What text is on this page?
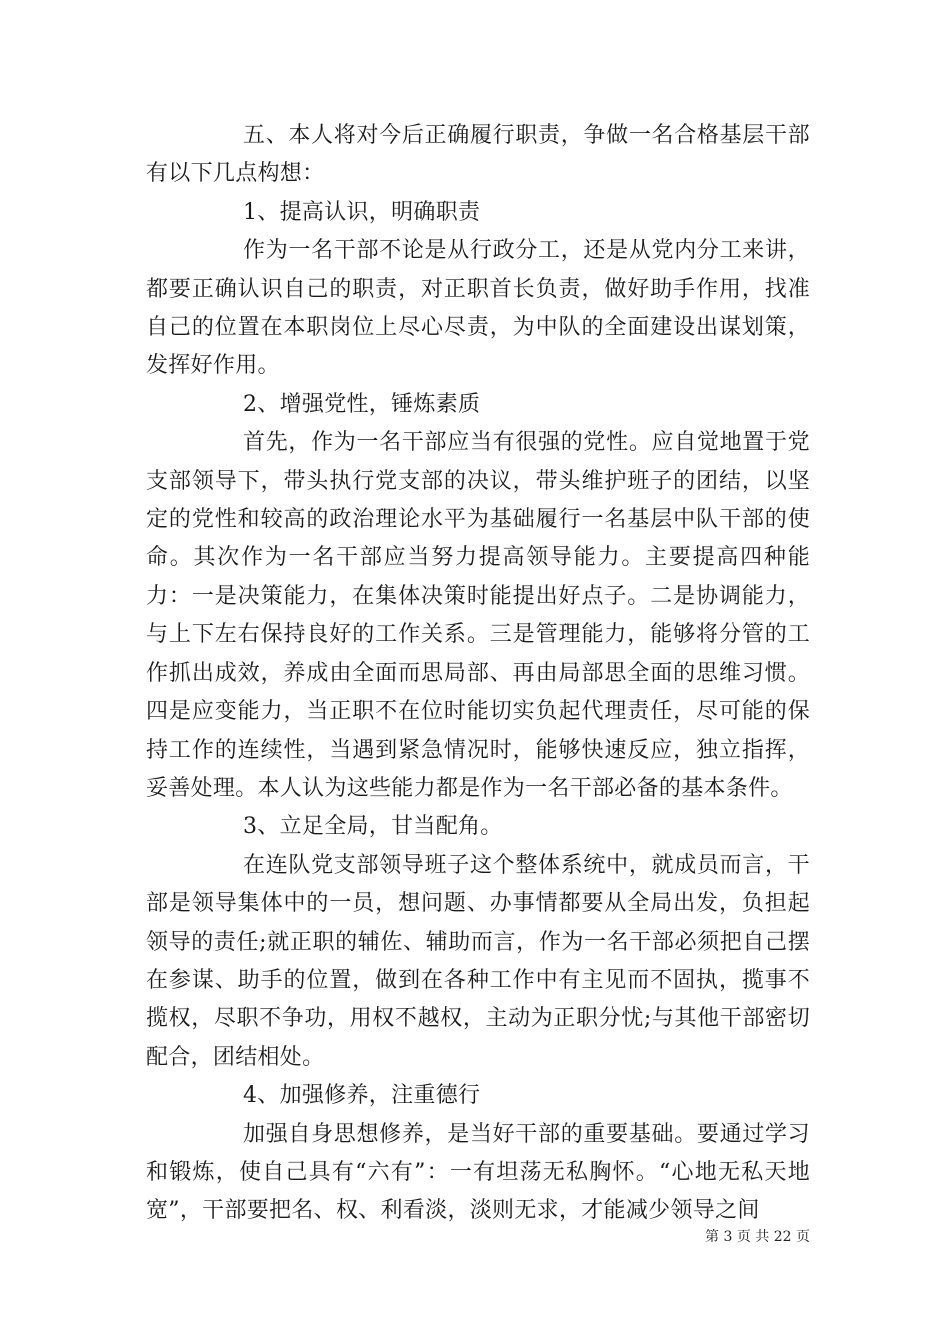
五、本人将对今后正确履行职责，争做一名合格基层干部有以下几点构想：

1、提高认识，明确职责

作为一名干部不论是从行政分工，还是从党内分工来讲，都要正确认识自己的职责，对正职首长负责，做好助手作用，找准自己的位置在本职岗位上尽心尽责，为中队的全面建设出谋划策，发挥好作用。

2、增强党性，锤炼素质

首先，作为一名干部应当有很强的党性。应自觉地置于党支部领导下，带头执行党支部的决议，带头维护班子的团结，以坚定的党性和较高的政治理论水平为基础履行一名基层中队干部的使命。其次作为一名干部应当努力提高领导能力。主要提高四种能力：一是决策能力，在集体决策时能提出好点子。二是协调能力，与上下左右保持良好的工作关系。三是管理能力，能够将分管的工作抓出成效，养成由全面而思局部、再由局部思全面的思维习惯。四是应变能力，当正职不在位时能切实负起代理责任，尽可能的保持工作的连续性，当遇到紧急情况时，能够快速反应，独立指挥，妥善处理。本人认为这些能力都是作为一名干部必备的基本条件。

3、立足全局，甘当配角。

在连队党支部领导班子这个整体系统中，就成员而言，干部是领导集体中的一员，想问题、办事情都要从全局出发，负担起领导的责任;就正职的辅佐、辅助而言，作为一名干部必须把自己摆在参谋、助手的位置，做到在各种工作中有主见而不固执，揽事不揽权，尽职不争功，用权不越权，主动为正职分忧;与其他干部密切配合，团结相处。

4、加强修养，注重德行

加强自身思想修养，是当好干部的重要基础。要通过学习和锻炼，使自己具有“六有”：一有坦荡无私胸怀。“心地无私天地宽”，干部要把名、权、利看淡，淡则无求，才能减少领导之间

第 3 页 共 22 页
